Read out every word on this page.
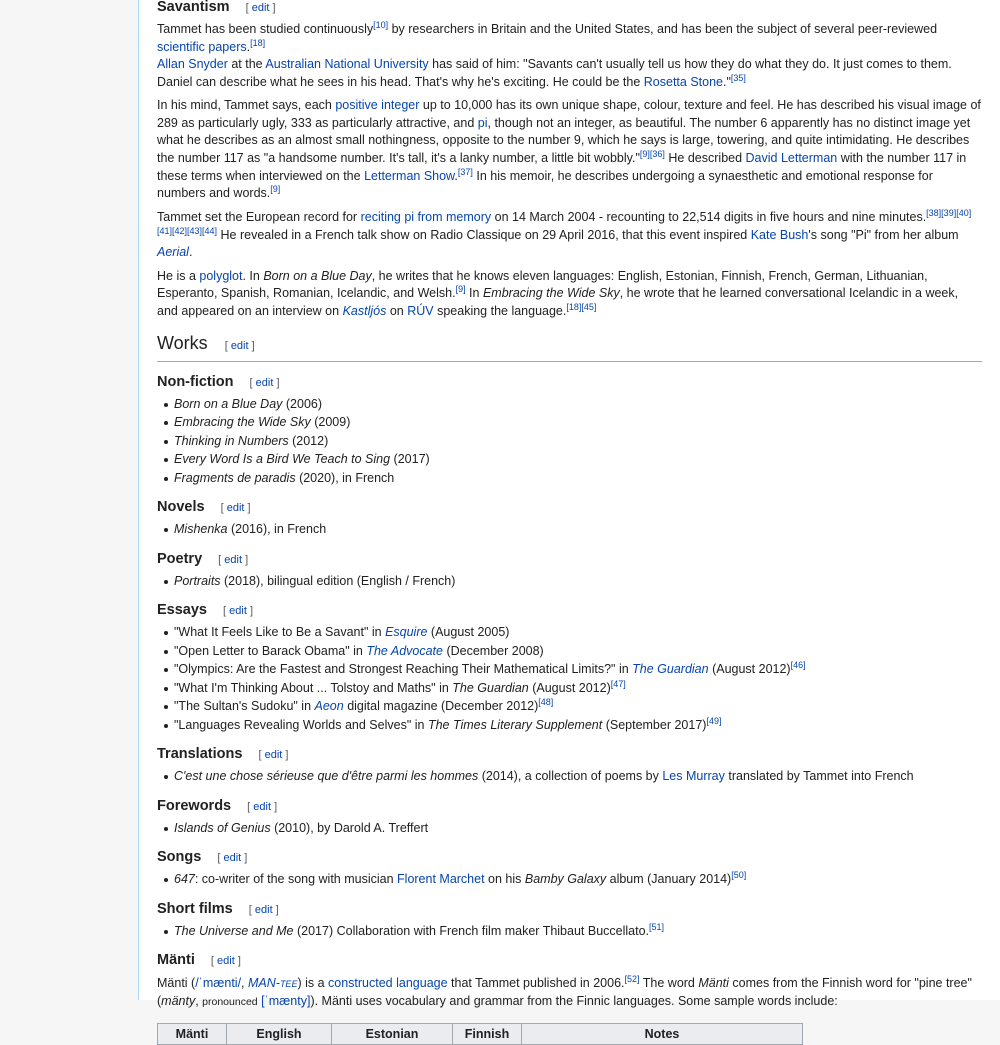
Savantism [ edit ]

Tammet has been studied continuously[10] by researchers in Britain and the United States, and has been the subject of several peer-reviewed scientific papers.[18]
Allan Snyder at the Australian National University has said of him: "Savants can't usually tell us how they do what they do. It just comes to them. Daniel can describe what he sees in his head. That's why he's exciting. He could be the Rosetta Stone."[35]

In his mind, Tammet says, each positive integer up to 10,000 has its own unique shape, colour, texture and feel. He has described his visual image of 289 as particularly ugly, 333 as particularly attractive, and pi, though not an integer, as beautiful. The number 6 apparently has no distinct image yet what he describes as an almost small nothingness, opposite to the number 9, which he says is large, towering, and quite intimidating. He describes the number 117 as "a handsome number. It's tall, it's a lanky number, a little bit wobbly."[9][36] He described David Letterman with the number 117 in these terms when interviewed on the Letterman Show.[37] In his memoir, he describes undergoing a synaesthetic and emotional response for numbers and words.[9]

Tammet set the European record for reciting pi from memory on 14 March 2004 - recounting to 22,514 digits in five hours and nine minutes.[38][39][40][41][42][43][44] He revealed in a French talk show on Radio Classique on 29 April 2016, that this event inspired Kate Bush's song "Pi" from her album Aerial.

He is a polyglot. In Born on a Blue Day, he writes that he knows eleven languages: English, Estonian, Finnish, French, German, Lithuanian, Esperanto, Spanish, Romanian, Icelandic, and Welsh.[9] In Embracing the Wide Sky, he wrote that he learned conversational Icelandic in a week, and appeared on an interview on Kastljós on RÚV speaking the language.[18][45]

Works [ edit ]
Non-fiction [ edit ]
Born on a Blue Day (2006)
Embracing the Wide Sky (2009)
Thinking in Numbers (2012)
Every Word Is a Bird We Teach to Sing (2017)
Fragments de paradis (2020), in French
Novels [ edit ]
Mishenka (2016), in French
Poetry [ edit ]
Portraits (2018), bilingual edition (English / French)
Essays [ edit ]
"What It Feels Like to Be a Savant" in Esquire (August 2005)
"Open Letter to Barack Obama" in The Advocate (December 2008)
"Olympics: Are the Fastest and Strongest Reaching Their Mathematical Limits?" in The Guardian (August 2012)[46]
"What I'm Thinking About ... Tolstoy and Maths" in The Guardian (August 2012)[47]
"The Sultan's Sudoku" in Aeon digital magazine (December 2012)[48]
"Languages Revealing Worlds and Selves" in The Times Literary Supplement (September 2017)[49]
Translations [ edit ]
C'est une chose sérieuse que d'être parmi les hommes (2014), a collection of poems by Les Murray translated by Tammet into French
Forewords [ edit ]
Islands of Genius (2010), by Darold A. Treffert
Songs [ edit ]
647: co-writer of the song with musician Florent Marchet on his Bamby Galaxy album (January 2014)[50]
Short films [ edit ]
The Universe and Me (2017) Collaboration with French film maker Thibaut Buccellato.[51]
Mänti [ edit ]

Mänti (/ˈmænti/, MAN-tee) is a constructed language that Tammet published in 2006.[52] The word Mänti comes from the Finnish word for "pine tree" (mänty, pronounced [ˈmænty]). Mänti uses vocabulary and grammar from the Finnic languages. Some sample words include:

Mänti	English	Estonian	Finnish	Notes
